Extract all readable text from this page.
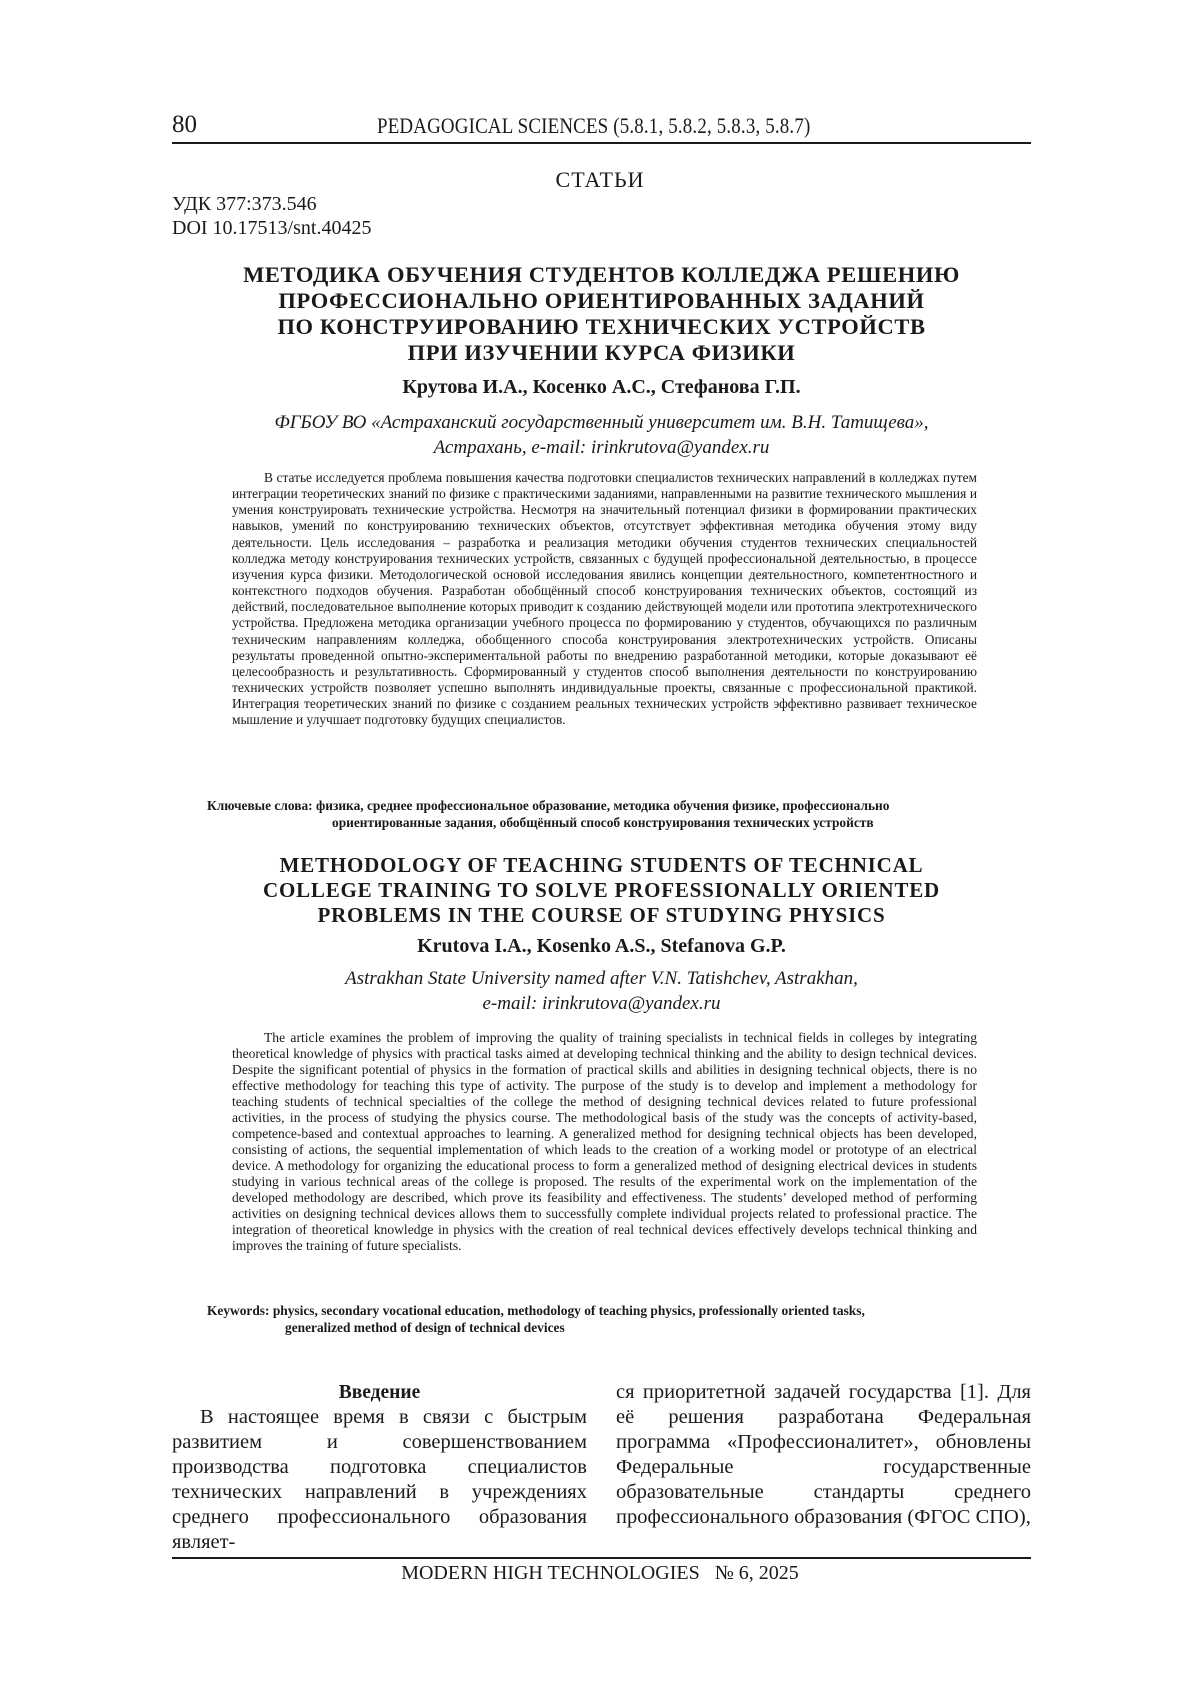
80	PEDAGOGICAL SCIENCES (5.8.1, 5.8.2, 5.8.3, 5.8.7)
СТАТЬИ
УДК 377:373.546
DOI 10.17513/snt.40425
МЕТОДИКА ОБУЧЕНИЯ СТУДЕНТОВ КОЛЛЕДЖА РЕШЕНИЮ
ПРОФЕССИОНАЛЬНО ОРИЕНТИРОВАННЫХ ЗАДАНИЙ
ПО КОНСТРУИРОВАНИЮ ТЕХНИЧЕСКИХ УСТРОЙСТВ
ПРИ ИЗУЧЕНИИ КУРСА ФИЗИКИ
Крутова И.А., Косенко А.С., Стефанова Г.П.
ФГБОУ ВО «Астраханский государственный университет им. В.Н. Татищева»,
Астрахань, e-mail: irinkrutova@yandex.ru

В статье исследуется проблема повышения качества подготовки специалистов технических направлений в колледжах путем интеграции теоретических знаний по физике с практическими заданиями, направленными на развитие технического мышления и умения конструировать технические устройства. Несмотря на значительный потенциал физики в формировании практических навыков, умений по конструированию технических объектов, отсутствует эффективная методика обучения этому виду деятельности. Цель исследования – разработка и реализация методики обучения студентов технических специальностей колледжа методу конструирования технических устройств, связанных с будущей профессиональной деятельностью, в процессе изучения курса физики. Методологической основой исследования явились концепции деятельностного, компетентностного и контекстного подходов обучения. Разработан обобщённый способ конструирования технических объектов, состоящий из действий, последовательное выполнение которых приводит к созданию действующей модели или прототипа электротехнического устройства. Предложена методика организации учебного процесса по формированию у студентов, обучающихся по различным техническим направлениям колледжа, обобщенного способа конструирования электротехнических устройств. Описаны результаты проведенной опытно-экспериментальной работы по внедрению разработанной методики, которые доказывают её целесообразность и результативность. Сформированный у студентов способ выполнения деятельности по конструированию технических устройств позволяет успешно выполнять индивидуальные проекты, связанные с профессиональной практикой. Интеграция теоретических знаний по физике с созданием реальных технических устройств эффективно развивает техническое мышление и улучшает подготовку будущих специалистов.

Ключевые слова: физика, среднее профессиональное образование, методика обучения физике, профессионально
ориентированные задания, обобщённый способ конструирования технических устройств
METHODOLOGY OF TEACHING STUDENTS OF TECHNICAL
COLLEGE TRAINING TO SOLVE PROFESSIONALLY ORIENTED
PROBLEMS IN THE COURSE OF STUDYING PHYSICS
Krutova I.A., Kosenko A.S., Stefanova G.P.
Astrakhan State University named after V.N. Tatishchev, Astrakhan,
e-mail: irinkrutova@yandex.ru

The article examines the problem of improving the quality of training specialists in technical fields in colleges by integrating theoretical knowledge of physics with practical tasks aimed at developing technical thinking and the ability to design technical devices. Despite the significant potential of physics in the formation of practical skills and abilities in designing technical objects, there is no effective methodology for teaching this type of activity. The purpose of the study is to develop and implement a methodology for teaching students of technical specialties of the college the method of designing technical devices related to future professional activities, in the process of studying the physics course. The methodological basis of the study was the concepts of activity-based, competence-based and contextual approaches to learning. A generalized method for designing technical objects has been developed, consisting of actions, the sequential implementation of which leads to the creation of a working model or prototype of an electrical device. A methodology for organizing the educational process to form a generalized method of designing electrical devices in students studying in various technical areas of the college is proposed. The results of the experimental work on the implementation of the developed methodology are described, which prove its feasibility and effectiveness. The students’ developed method of performing activities on designing technical devices allows them to successfully complete individual projects related to professional practice. The integration of theoretical knowledge in physics with the creation of real technical devices effectively develops technical thinking and improves the training of future specialists.

Keywords: physics, secondary vocational education, methodology of teaching physics, professionally oriented tasks,
generalized method of design of technical devices
Введение

В настоящее время в связи с быстрым развитием и совершенствованием производства подготовка специалистов технических направлений в учреждениях среднего профессионального образования являет-

ся приоритетной задачей государства [1]. Для её решения разработана Федеральная программа «Профессионалитет», обновлены Федеральные государственные образовательные стандарты среднего профессионального образования (ФГОС СПО),

MODERN HIGH TECHNOLOGIES № 6, 2025
